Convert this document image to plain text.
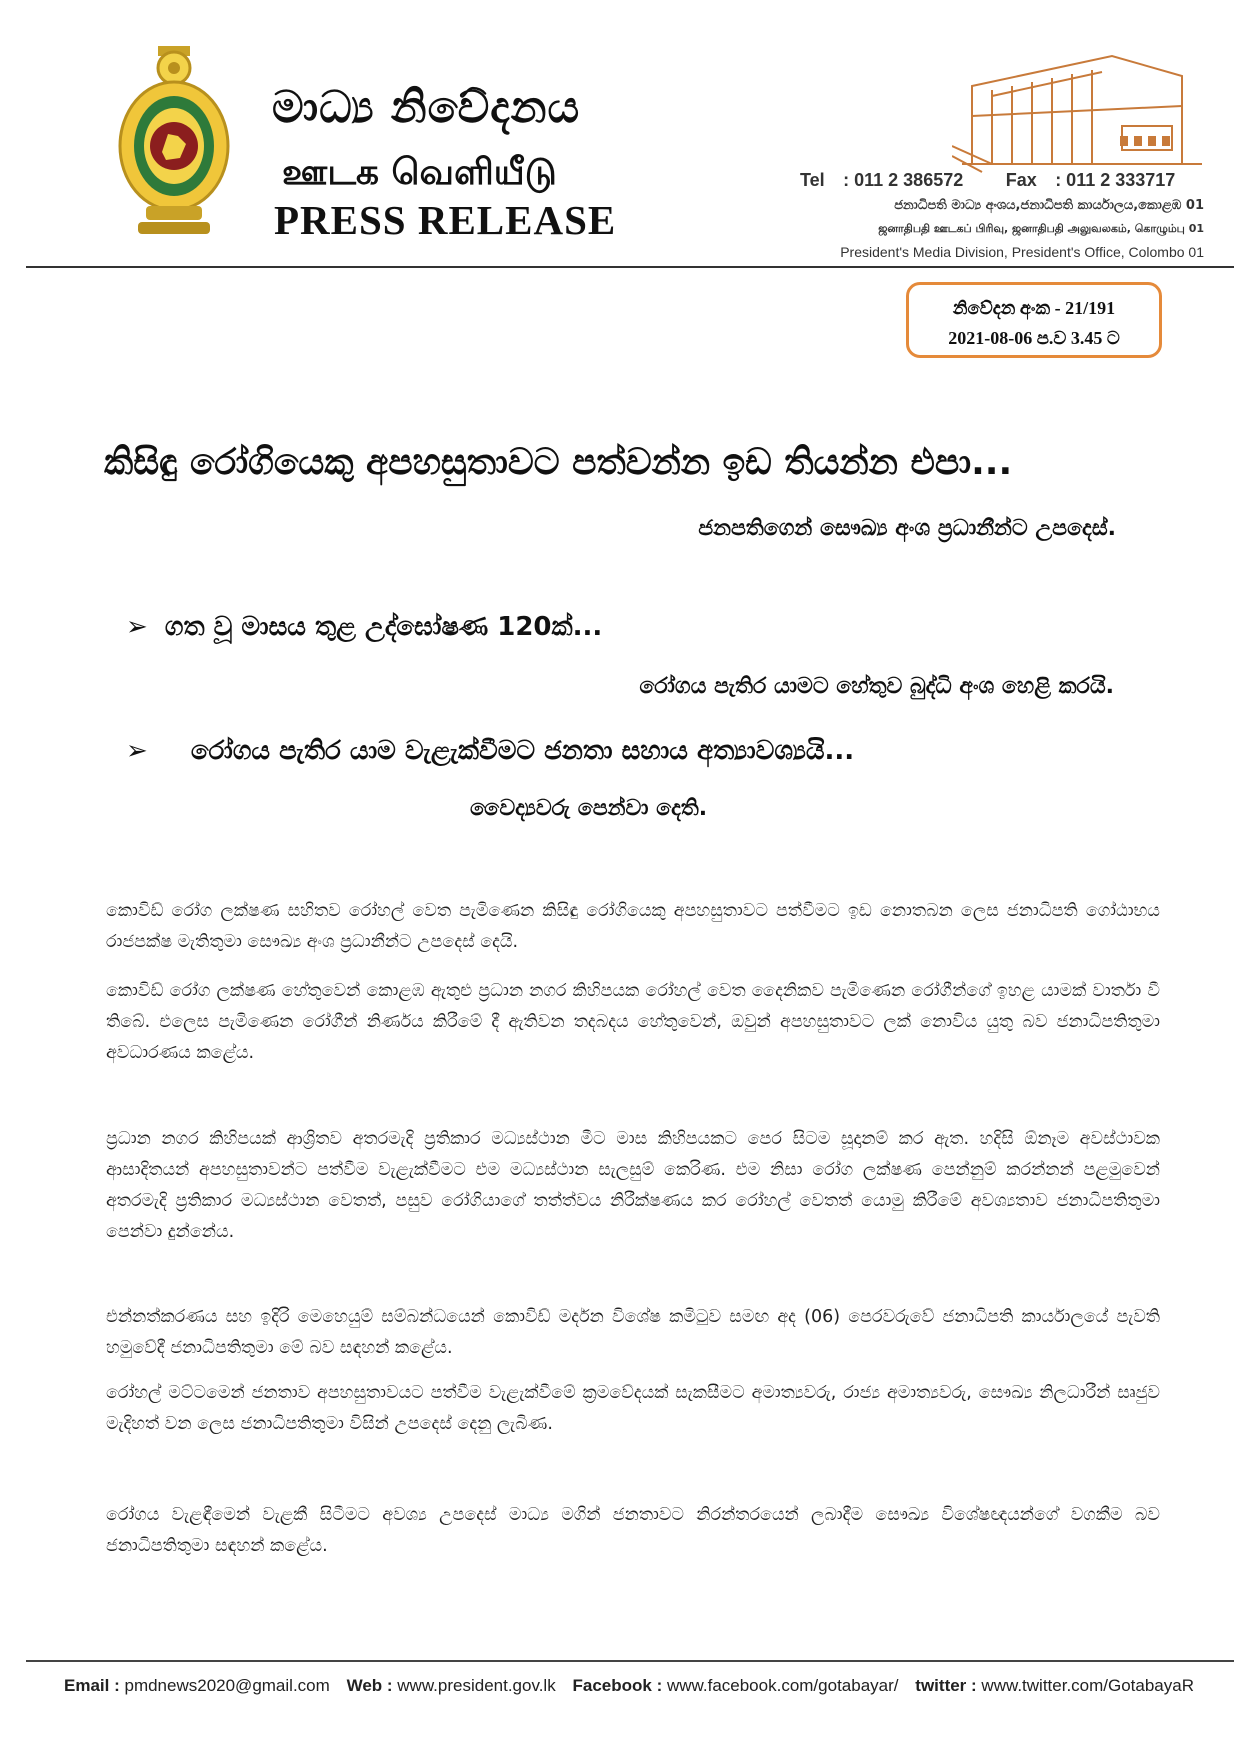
මාධ්‍ය නිවේදනය
ஊடக வெளியீடு
PRESS RELEASE
Tel : 011 2 386572 Fax : 011 2 333717
ජනාධිපති මාධ්‍ය අංශය,ජනාධිපති කාර්යාලය,කොළඹ 01
ஜனாதிபதி ஊடகப் பிரிவு, ஜனாதிபதி அலுவலகம், கொழும்பு 01
President's Media Division, President's Office, Colombo 01
නිවේදන අංක - 21/191
2021-08-06 ප.ව 3.45 ට
කිසිඳු රෝගියෙකු අපහසුතාවට පත්වන්න ඉඩ තියන්න එපා...
ජනපතිගෙන් සෞඛ්‍ය අංශ ප්‍රධානීන්ට උපදෙස්.
➢ ගත වූ මාසය තුළ උද්ඝෝෂණ 120ක්...
රෝගය පැතිර යාමට හේතුව බුද්ධි අංශ හෙළි කරයි.
➢ රෝගය පැතිර යාම වැළැක්වීමට ජනතා සහාය අත්‍යාවශ්‍යයි...
වෛද්‍යවරු පෙන්වා දෙති.
කොවිඩ් රෝග ලක්ෂණ සහිතව රෝහල් වෙත පැමිණෙන කිසිඳු රෝගියෙකු අපහසුතාවට පත්වීමට ඉඩ නොතබන ලෙස ජනාධිපති ගෝඨාභය රාජපක්ෂ මැතිතුමා සෞඛ්‍ය අංශ ප්‍රධානීන්ට උපදෙස් දෙයි.
කොවිඩ් රෝග ලක්ෂණ හේතුවෙන් කොළඹ ඇතුළු ප්‍රධාන නගර කිහිපයක රෝහල් වෙත දෛනිකව පැමිණෙන රෝගීන්ගේ ඉහළ යාමක් වාර්තා වී තිබේ. එලෙස පැමිණෙන රෝගීන් නිර්ණය කිරීමේ දී ඇතිවන තදබදය හේතුවෙන්, ඔවුන් අපහසුතාවට ලක් නොවිය යුතු බව ජනාධිපතිතුමා අවධාරණය කළේය.
ප්‍රධාන නගර කිහිපයක් ආශ්‍රිතව අතරමැදි ප්‍රතිකාර මධ්‍යස්ථාන මීට මාස කිහිපයකට පෙර සිටම සූදානම් කර ඇත. හදිසි ඕනෑම අවස්ථාවක ආසාදිතයන් අපහසුතාවන්ට පත්වීම වැළැක්වීමට එම මධ්‍යස්ථාන සැලසුම් කෙරිණ. එම නිසා රෝග ලක්ෂණ පෙන්නුම් කරන්නන් පළමුවෙන් අතරමැදි ප්‍රතිකාර මධ්‍යස්ථාන වෙතත්, පසුව රෝගියාගේ තත්ත්වය නිරීක්ෂණය කර රෝහල් වෙතත් යොමු කිරීමේ අවශ්‍යතාව ජනාධිපතිතුමා පෙන්වා දුන්නේය.
එන්නත්කරණය සහ ඉදිරි මෙහෙයුම් සම්බන්ධයෙන් කොවිඩ් මර්දන විශේෂ කමිටුව සමඟ අද (06) පෙරවරුවේ ජනාධිපති කාර්යාලයේ පැවති හමුවේදී ජනාධිපතිතුමා මේ බව සඳහන් කළේය.
රෝහල් මට්ටමෙන් ජනතාව අපහසුතාවයට පත්වීම වැළැක්වීමේ ක්‍රමවේදයක් සැකසීමට අමාත්‍යවරු, රාජ්‍ය අමාත්‍යවරු, සෞඛ්‍ය නිලධාරීන් සෘජුව මැදිහත් වන ලෙස ජනාධිපතිතුමා විසින් උපදෙස් දෙනු ලැබිණ.
රෝගය වැළඳීමෙන් වැළකී සිටීමට අවශ්‍ය උපදෙස් මාධ්‍ය මගින් ජනතාවට නිරන්තරයෙන් ලබාදීම සෞඛ්‍ය විශේෂඥයන්ගේ වගකීම බව ජනාධිපතිතුමා සඳහන් කළේය.
Email : pmdnews2020@gmail.com Web : www.president.gov.lk Facebook : www.facebook.com/gotabayar/ twitter : www.twitter.com/GotabayaR
